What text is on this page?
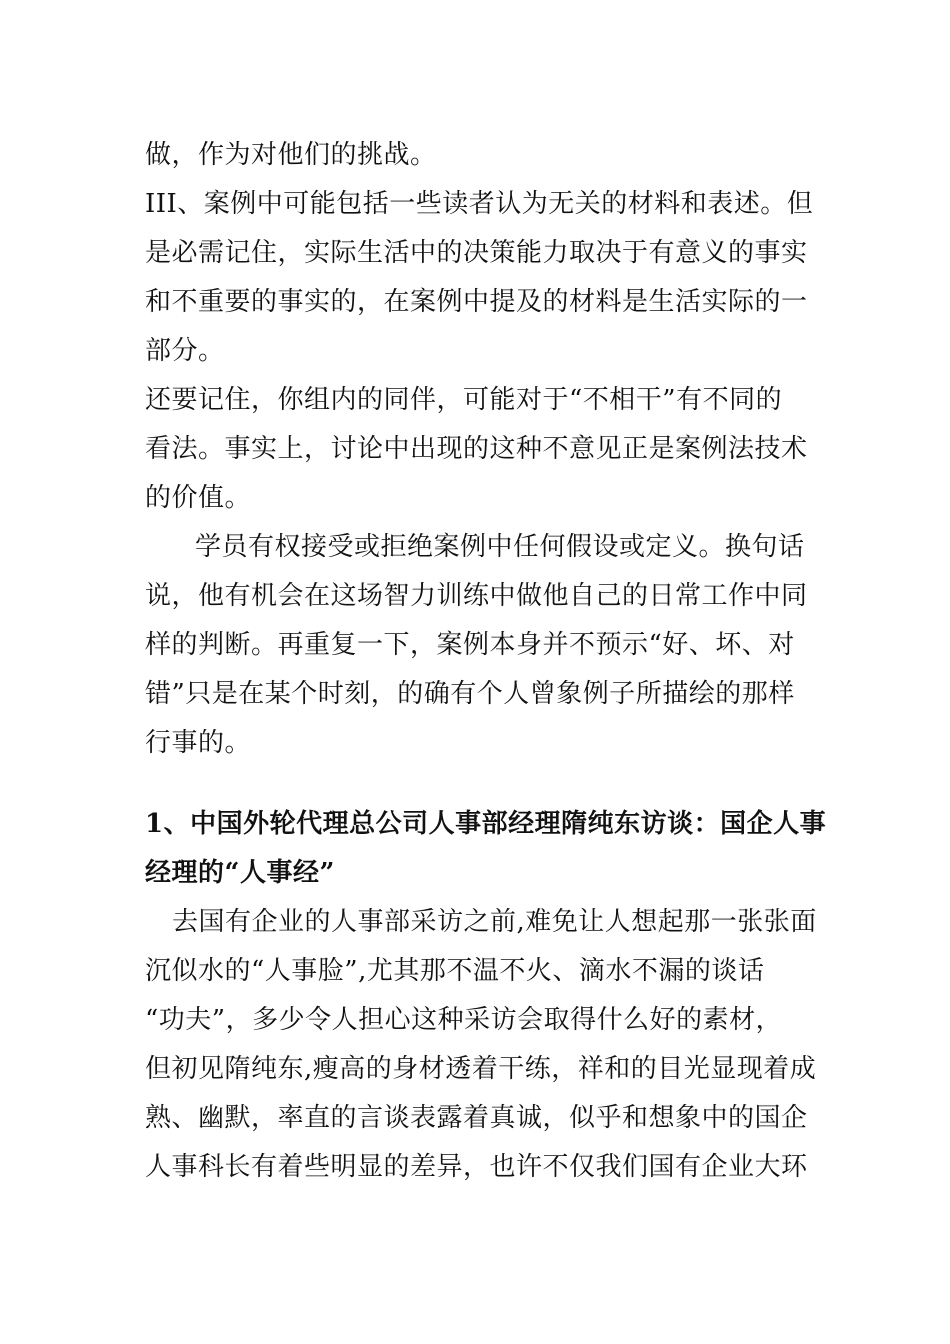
做，作为对他们的挑战。
III、案例中可能包括一些读者认为无关的材料和表述。但
是必需记住，实际生活中的决策能力取决于有意义的事实
和不重要的事实的，在案例中提及的材料是生活实际的一
部分。
还要记住，你组内的同伴，可能对于“不相干”有不同的
看法。事实上，讨论中出现的这种不意见正是案例法技术
的价值。
学员有权接受或拒绝案例中任何假设或定义。换句话
说，他有机会在这场智力训练中做他自己的日常工作中同
样的判断。再重复一下，案例本身并不预示“好、坏、对
错”只是在某个时刻，的确有个人曾象例子所描绘的那样
行事的。
1、中国外轮代理总公司人事部经理隋纯东访谈：国企人事
经理的“人事经”
去国有企业的人事部采访之前,难免让人想起那一张张面
沉似水的“人事脸”,尤其那不温不火、滴水不漏的谈话
“功夫”，多少令人担心这种采访会取得什么好的素材，
但初见隋纯东,瘦高的身材透着干练，祥和的目光显现着成
熟、幽默，率直的言谈表露着真诚，似乎和想象中的国企
人事科长有着些明显的差异，也许不仅我们国有企业大环
